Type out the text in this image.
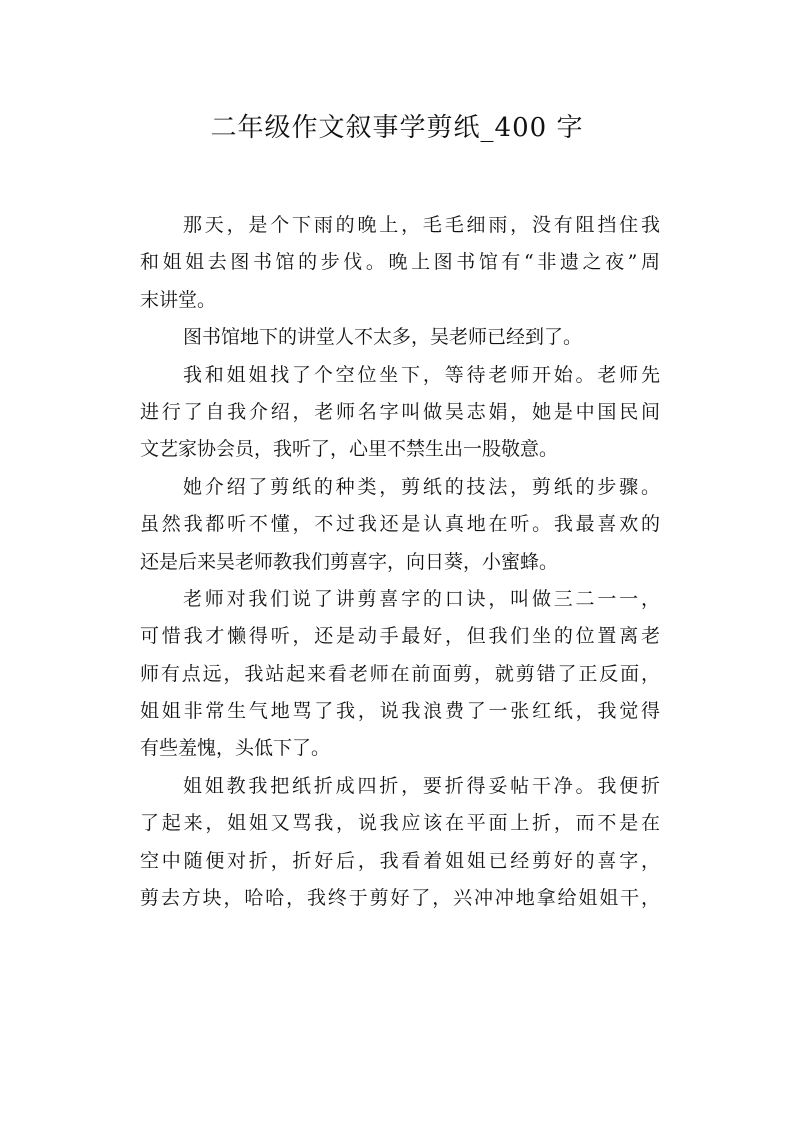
二年级作文叙事学剪纸_400 字

那天，是个下雨的晚上，毛毛细雨，没有阻挡住我

和姐姐去图书馆的步伐。晚上图书馆有“非遗之夜”周

末讲堂。

图书馆地下的讲堂人不太多，吴老师已经到了。

我和姐姐找了个空位坐下，等待老师开始。老师先

进行了自我介绍，老师名字叫做吴志娟，她是中国民间

文艺家协会员，我听了，心里不禁生出一股敬意。

她介绍了剪纸的种类，剪纸的技法，剪纸的步骤。

虽然我都听不懂，不过我还是认真地在听。我最喜欢的

还是后来吴老师教我们剪喜字，向日葵，小蜜蜂。

老师对我们说了讲剪喜字的口诀，叫做三二一一，

可惜我才懒得听，还是动手最好，但我们坐的位置离老

师有点远，我站起来看老师在前面剪，就剪错了正反面，

姐姐非常生气地骂了我，说我浪费了一张红纸，我觉得

有些羞愧，头低下了。

姐姐教我把纸折成四折，要折得妥帖干净。我便折

了起来，姐姐又骂我，说我应该在平面上折，而不是在

空中随便对折，折好后，我看着姐姐已经剪好的喜字，

剪去方块，哈哈，我终于剪好了，兴冲冲地拿给姐姐干，
